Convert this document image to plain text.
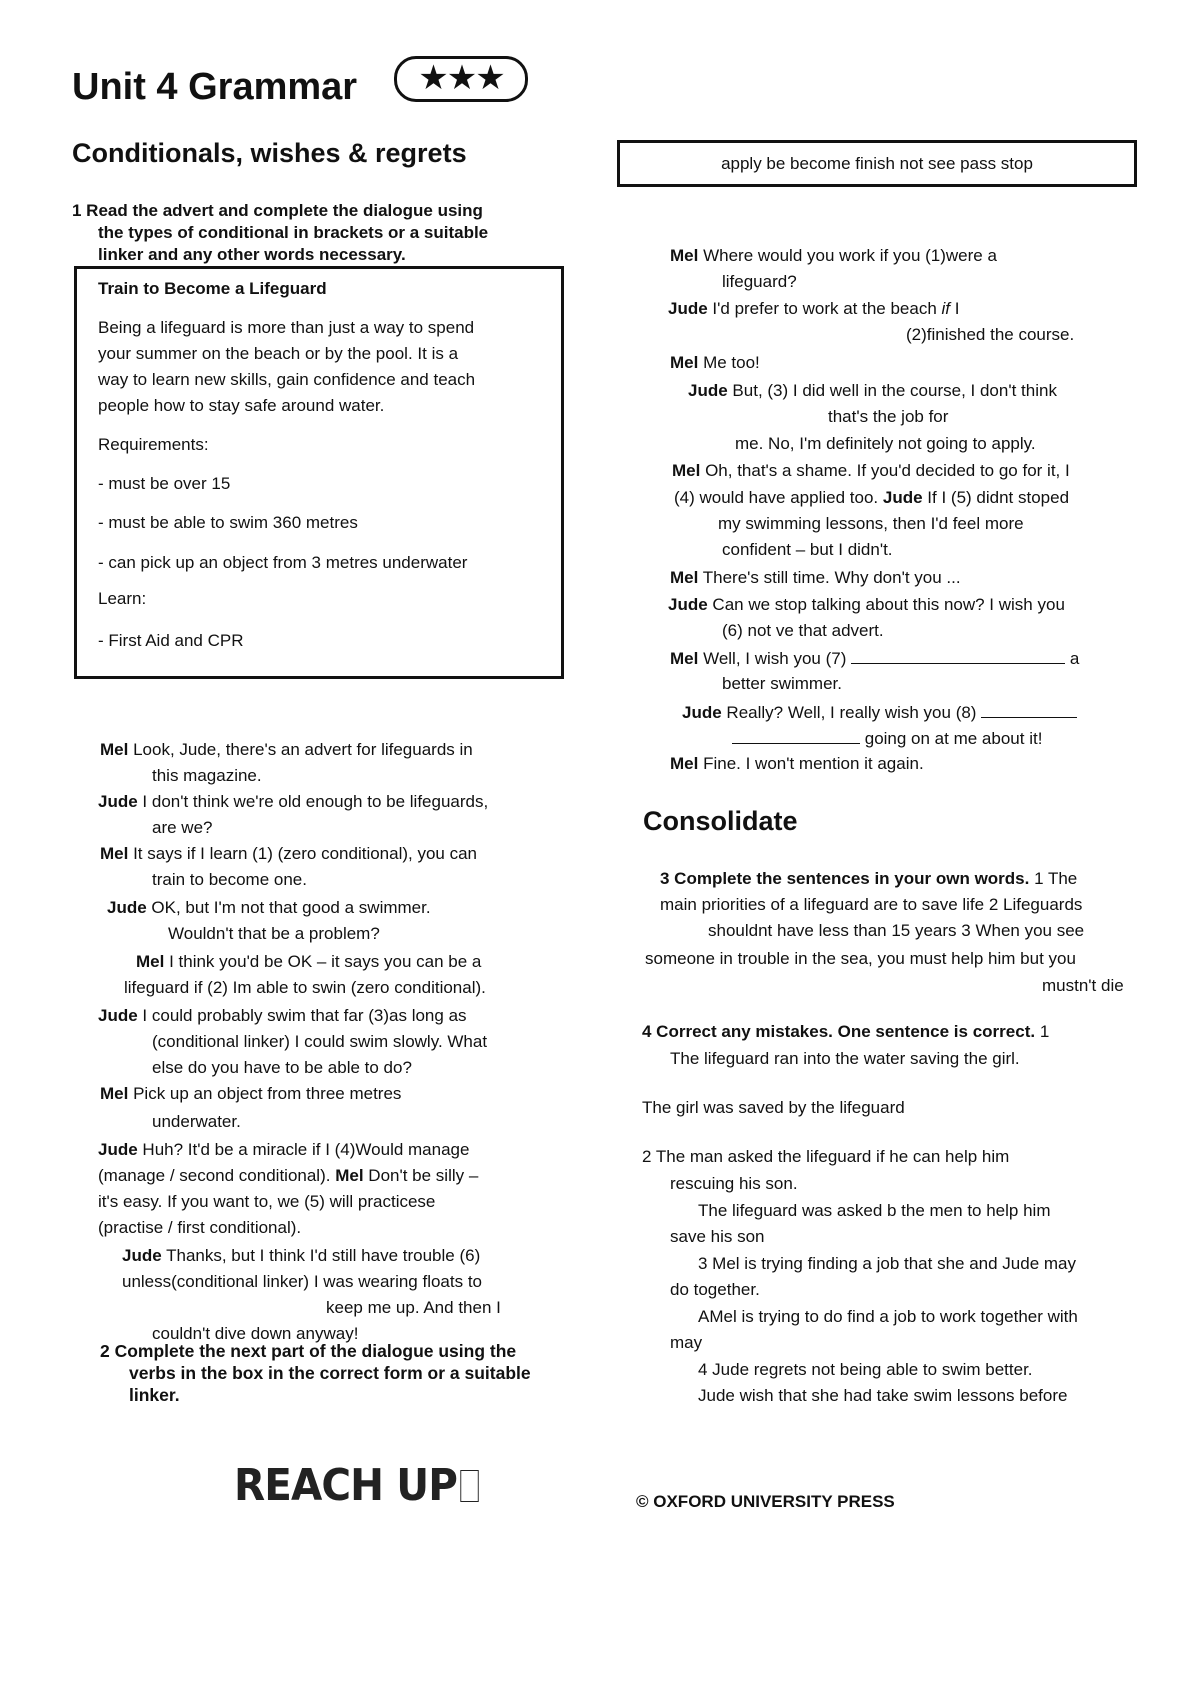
Unit 4 Grammar	★★★
Conditionals, wishes & regrets
1 Read the advert and complete the dialogue using
the types of conditional in brackets or a suitable
linker and any other words necessary.
Train to Become a Lifeguard
Being a lifeguard is more than just a way to spend
your summer on the beach or by the pool. It is a
way to learn new skills, gain confidence and teach
people how to stay safe around water.
Requirements:
- must be over 15
- must be able to swim 360 metres
- can pick up an object from 3 metres underwater
Learn:
- First Aid and CPR
Mel Look, Jude, there's an advert for lifeguards in
this magazine.
Jude I don't think we're old enough to be lifeguards,
are we?
Mel It says if I learn (1) (zero conditional), you can
train to become one.
Jude OK, but I'm not that good a swimmer.
Wouldn't that be a problem?
Mel I think you'd be OK – it says you can be a
lifeguard if (2) Im able to swin (zero conditional).
Jude I could probably swim that far (3)as long as
(conditional linker) I could swim slowly. What
else do you have to be able to do?
Mel Pick up an object from three metres
underwater.
Jude Huh? It'd be a miracle if I (4)Would manage
(manage / second conditional). Mel Don't be silly –
it's easy. If you want to, we (5) will practicese
(practise / first conditional).
Jude Thanks, but I think I'd still have trouble (6)
unless(conditional linker) I was wearing floats to
keep me up. And then I
couldn't dive down anyway!
2 Complete the next part of the dialogue using the
verbs in the box in the correct form or a suitable
linker.
apply be become finish not see pass stop
Mel Where would you work if you (1)were a
lifeguard?
Jude I'd prefer to work at the beach if I
(2)finished the course.
Mel Me too!
Jude But, (3) I did well in the course, I don't think
that's the job for
me. No, I'm definitely not going to apply.
Mel Oh, that's a shame. If you'd decided to go for it, I
(4) would have applied too. Jude If I (5) didnt stoped
my swimming lessons, then I'd feel more
confident – but I didn't.
Mel There's still time. Why don't you ...
Jude Can we stop talking about this now? I wish you
(6) not ve that advert.
Mel Well, I wish you (7)	a
better swimmer.
Jude Really? Well, I really wish you (8)
going on at me about it!
Mel Fine. I won't mention it again.
Consolidate
3 Complete the sentences in your own words. 1 The
main priorities of a lifeguard are to save life 2 Lifeguards
shouldnt have less than 15 years 3 When you see
someone in trouble in the sea, you must help him but you
mustn't die
4 Correct any mistakes. One sentence is correct. 1
The lifeguard ran into the water saving the girl.
The girl was saved by the lifeguard
2 The man asked the lifeguard if he can help him
rescuing his son.
The lifeguard was asked b the men to help him
save his son
3 Mel is trying finding a job that she and Jude may
do together.
AMel is trying to do find a job to work together with
may
4 Jude regrets not being able to swim better.
Jude wish that she had take swim lessons before
REACH UP	© OXFORD UNIVERSITY PRESS
